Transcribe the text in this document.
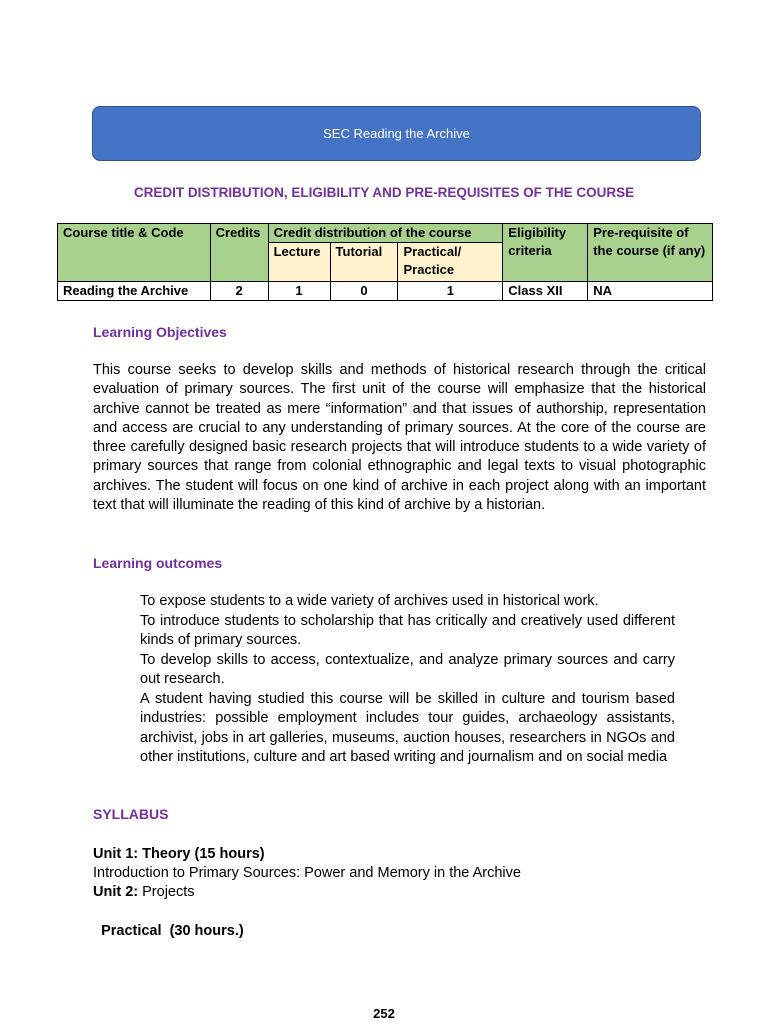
SEC Reading the Archive
CREDIT DISTRIBUTION, ELIGIBILITY AND PRE-REQUISITES OF THE COURSE
Course title & Code	Credits	Credit distribution of the course			Eligibility criteria	Pre-requisite of the course (if any)
		Lecture	Tutorial	Practical/ Practice		
Reading the Archive	2	1	0	1	Class XII	NA
Learning Objectives

This course seeks to develop skills and methods of historical research through the critical evaluation of primary sources. The first unit of the course will emphasize that the historical archive cannot be treated as mere “information” and that issues of authorship, representation and access are crucial to any understanding of primary sources. At the core of the course are three carefully designed basic research projects that will introduce students to a wide variety of primary sources that range from colonial ethnographic and legal texts to visual photographic archives. The student will focus on one kind of archive in each project along with an important text that will illuminate the reading of this kind of archive by a historian.

Learning outcomes

To expose students to a wide variety of archives used in historical work.

To introduce students to scholarship that has critically and creatively used different kinds of primary sources.

To develop skills to access, contextualize, and analyze primary sources and carry out research.

A student having studied this course will be skilled in culture and tourism based industries: possible employment includes tour guides, archaeology assistants, archivist, jobs in art galleries, museums, auction houses, researchers in NGOs and other institutions, culture and art based writing and journalism and on social media

SYLLABUS
Unit 1: Theory (15 hours)
Introduction to Primary Sources: Power and Memory in the Archive
Unit 2: Projects

Practical  (30 hours.)

252
